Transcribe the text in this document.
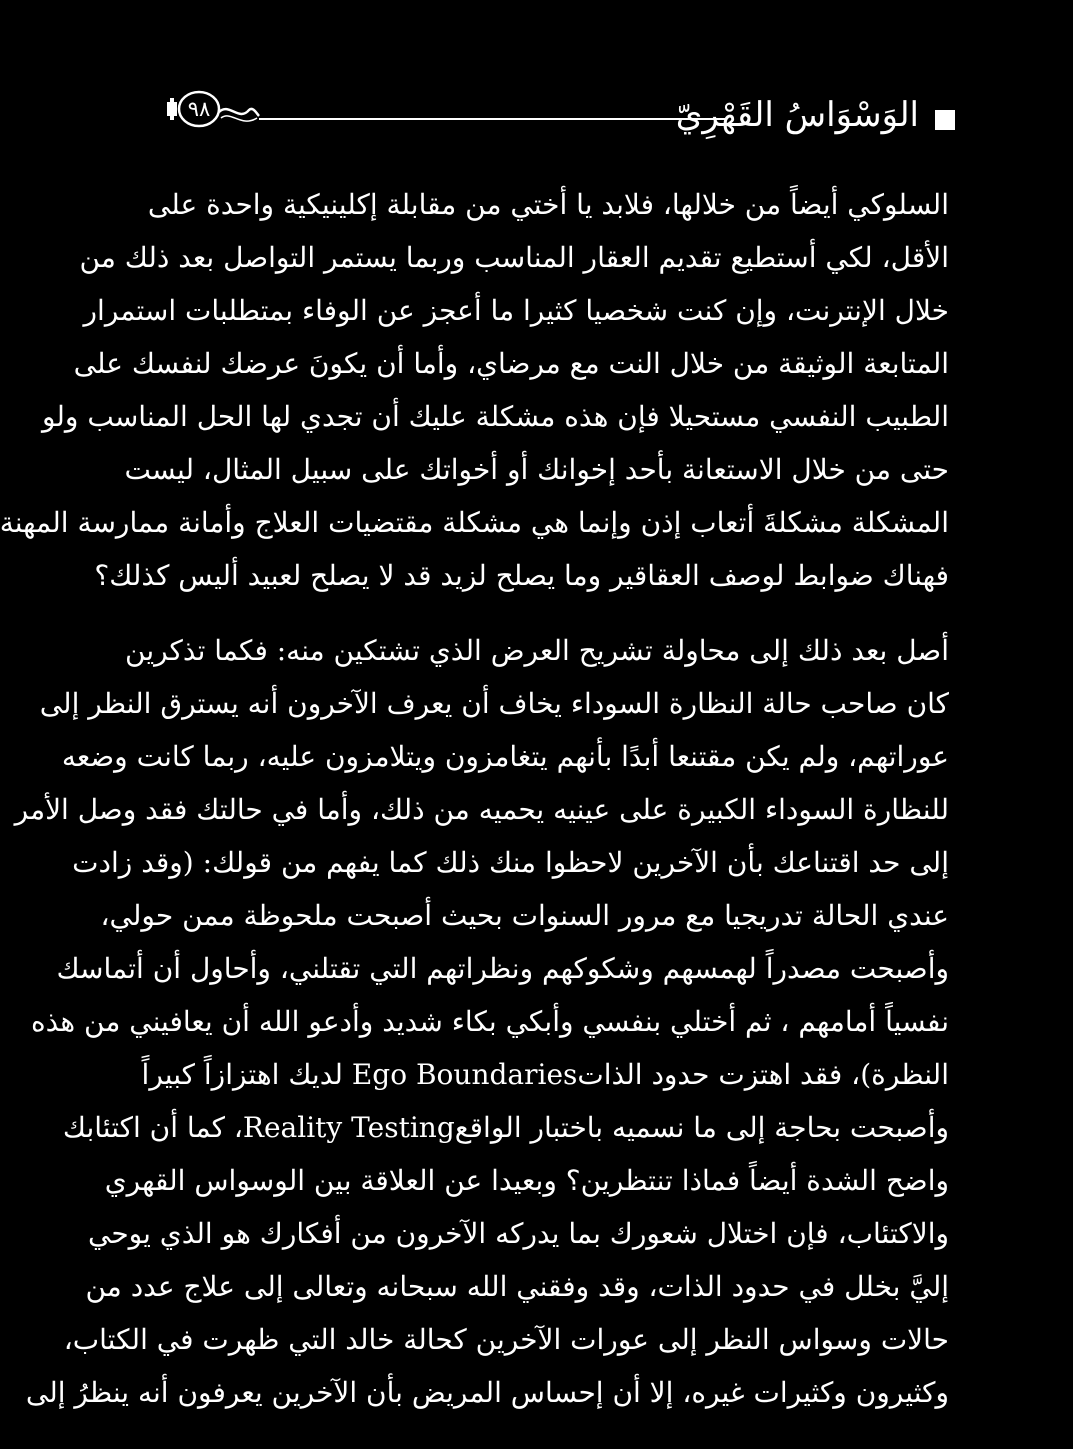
٩٨	الوَسْوَاسُ القَهْرِيّ
السلوكي أيضاً من خلالها، فلابد يا أختي من مقابلة إكلينيكية واحدة على
الأقل، لكي أستطيع تقديم العقار المناسب وربما يستمر التواصل بعد ذلك من
خلال الإنترنت، وإن كنت شخصيا كثيرا ما أعجز عن الوفاء بمتطلبات استمرار
المتابعة الوثيقة من خلال النت مع مرضاي، وأما أن يكونَ عرضك لنفسك على
الطبيب النفسي مستحيلا فإن هذه مشكلة عليك أن تجدي لها الحل المناسب ولو
حتى من خلال الاستعانة بأحد إخوانك أو أخواتك على سبيل المثال، ليست
المشكلة مشكلةَ أتعاب إذن وإنما هي مشكلة مقتضيات العلاج وأمانة ممارسة المهنة
فهناك ضوابط لوصف العقاقير وما يصلح لزيد قد لا يصلح لعبيد أليس كذلك؟
أصل بعد ذلك إلى محاولة تشريح العرض الذي تشتكين منه: فكما تذكرين
كان صاحب حالة النظارة السوداء يخاف أن يعرف الآخرون أنه يسترق النظر إلى
عوراتهم، ولم يكن مقتنعا أبدًا بأنهم يتغامزون ويتلامزون عليه، ربما كانت وضعه
للنظارة السوداء الكبيرة على عينيه يحميه من ذلك، وأما في حالتك فقد وصل الأمر
إلى حد اقتناعك بأن الآخرين لاحظوا منك ذلك كما يفهم من قولك: (وقد زادت
عندي الحالة تدريجيا مع مرور السنوات بحيث أصبحت ملحوظة ممن حولي،
وأصبحت مصدراً لهمسهم وشكوكهم ونظراتهم التي تقتلني، وأحاول أن أتماسك
نفسياً أمامهم ، ثم أختلي بنفسي وأبكي بكاء شديد وأدعو الله أن يعافيني من هذه
النظرة)، فقد اهتزت حدود الذاتEgo Boundaries لديك اهتزازاً كبيراً
وأصبحت بحاجة إلى ما نسميه باختبار الواقعReality Testing، كما أن اكتئابك
واضح الشدة أيضاً فماذا تنتظرين؟ وبعيدا عن العلاقة بين الوسواس القهري
والاكتئاب، فإن اختلال شعورك بما يدركه الآخرون من أفكارك هو الذي يوحي
إليَّ بخلل في حدود الذات، وقد وفقني الله سبحانه وتعالى إلى علاج عدد من
حالات وسواس النظر إلى عورات الآخرين كحالة خالد التي ظهرت في الكتاب،
وكثيرون وكثيرات غيره، إلا أن إحساس المريض بأن الآخرين يعرفون أنه ينظرُ إلى
